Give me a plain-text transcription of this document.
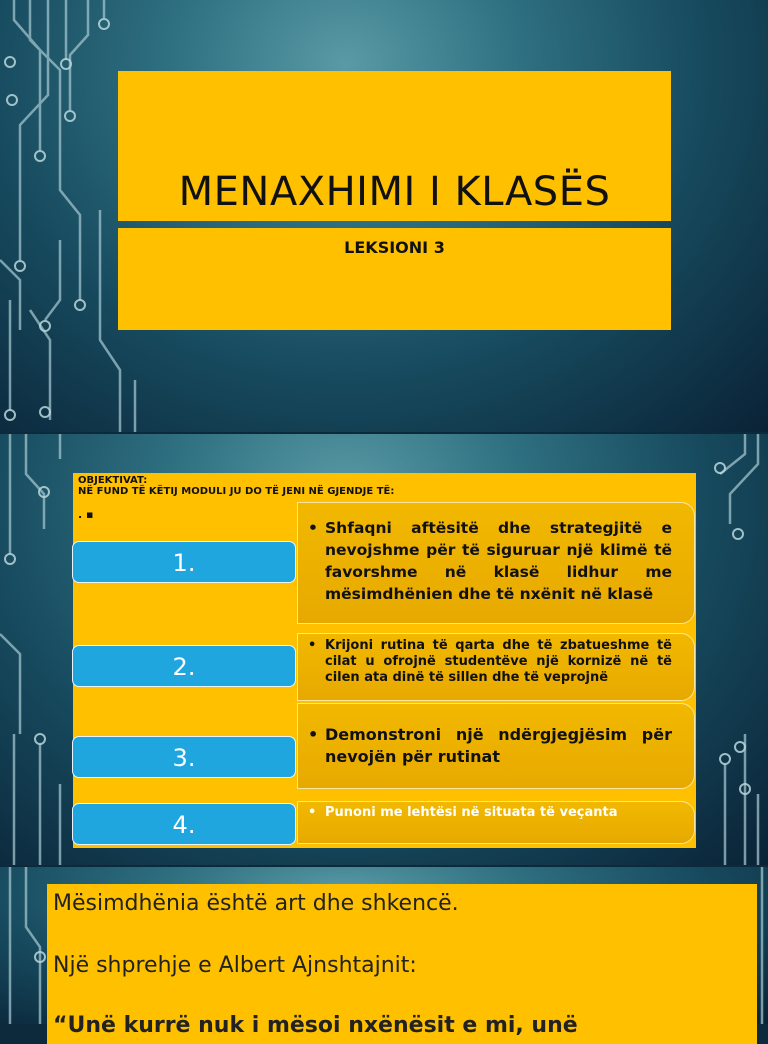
MENAXHIMI I KLASËS
LEKSIONI 3
OBJEKTIVAT:
NË FUND TË KËTIJ MODULI JU DO TË JENI NË GJENDJE TË:
. ▪
1.
2.
3.
4.
• Shfaqni aftësitë dhe strategjitë e nevojshme për të siguruar një klimë të favorshme në klasë lidhur me mësimdhënien dhe të nxënit në klasë
• Krijoni rutina të qarta dhe të zbatueshme të cilat u ofrojnë studentëve një kornizë në të cilen ata dinë të sillen dhe të veprojnë
• Demonstroni një ndërgjegjësim për nevojën për rutinat
• Punoni me lehtësi në situata të veçanta
Mësimdhënia është art dhe shkencë.
Një shprehje e Albert Ajnshtajnit:
“Unë kurrë nuk i mësoi nxënësit e mi, unë
